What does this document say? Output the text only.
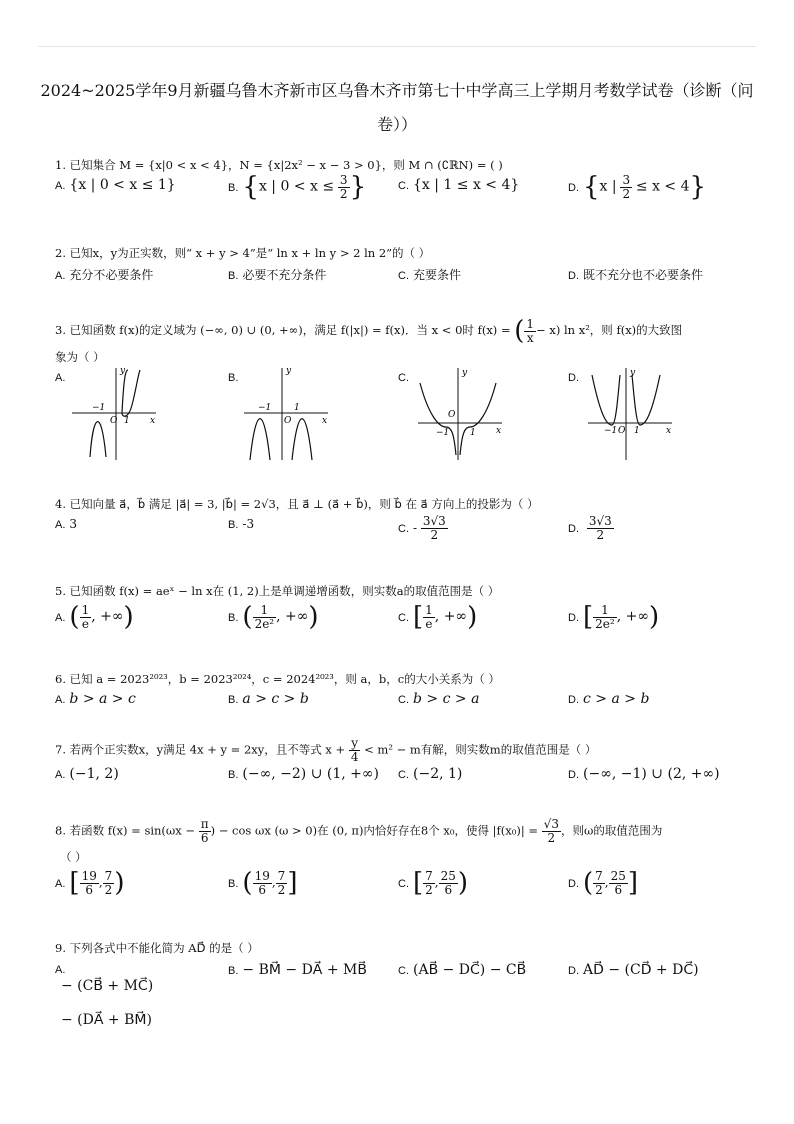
2024~2025学年9月新疆乌鲁木齐新市区乌鲁木齐市第七十中学高三上学期月考数学试卷（诊断（问
卷））
1. 已知集合 M = {x|0 < x < 4}，N = {x|2x² − x − 3 > 0}，则 M ∩ (∁ℝN) = ( )
A. {x | 0 < x ≤ 1}	B. {x | $0 < x \le \frac{3}{2}$ }	C. {x | 1 ≤ x < 4}	D. {x | $\frac{3}{2} \le x < 4$}
2. 已知x，y为正实数，则“ x + y > 4”是“ ln x + ln y > 2 ln 2”的（ ）
A. 充分不必要条件	B. 必要不充分条件	C. 充要条件	D. 既不充分也不必要条件
3. 已知函数 f(x)的定义域为 (−∞, 0) ∪ (0, +∞)，满足 f(|x|) = f(x)．当 x < 0时 f(x) = ( $\frac{1}{x} - x$) ln x²，则 f(x)的大致图
象为（ ）
A.
−1
O 1 x
y
B.
−1
O
1
x
y
C.
O
−1 1 x
y	D.
−1 O 1	x
y
4. 已知向量 a⃗，b⃗ 满足 |a⃗| = 3, |b⃗| = 2√3，且 a⃗ ⊥ (a⃗ + b⃗)，则 b⃗ 在 a⃗ 方向上的投影为（ ）
A. 3	B. -3	C. - $\frac{3√3}{2}$	D. $\frac{3√3}{2}$
5. 已知函数 f(x) = aeˣ − ln x在 (1, 2)上是单调递增函数，则实数a的取值范围是（ ）
A. ( $\frac{1}{e}$ , +∞)	B. ( $\frac{1}{\text{2e²}}$ , +∞)	C. [ $\frac{1}{e}$ , +∞)	D. [ $\frac{1}{\text{2e²}}$ , +∞)
6. 已知 a = 2023²⁰²³，b = 2023²⁰²⁴，c = 2024²⁰²³，则 a，b，c的大小关系为（ ）
A. b > a > c	B. a > c > b	C. b > c > a	D. c > a > b
7. 若两个正实数x，y满足 4x + y = 2xy，且不等式 $x + \frac{y}{4} < m^2 - m$有解，则实数m的取值范围是（ ）
A. (−1, 2)	B. (−∞, −2) ∪ (1, +∞) C. (−2, 1)	D. (−∞, −1) ∪ (2, +∞)
8. 若函数 $f(x) = \sin(\omega x - \frac{\pi}{6}$ ) − cos ωx (ω > 0)在 (0, π)内恰好存在8个 x₀，使得 $|f(x_0)| = \frac{√3}{2}$ ，则ω的取值范围为
（ ）
A. [ $\frac{19}{6}$ , $\frac{7}{2}$ )	B. ( $\frac{19}{6}$ , $\frac{7}{2}$ ]	C. [ $\frac{7}{2}$ , $\frac{25}{6}$ )	D. ( $\frac{7}{2}$ , $\frac{25}{6}$ ]
9. 下列各式中不能化简为 AD⃗ 的是（ ）
A.
− (CB⃗ + MC⃗)
− (DA⃗ + BM⃗)
B. − BM⃗ − DA⃗ + MB⃗	C. (AB⃗ − DC⃗) − CB⃗	D. AD⃗ − (CD⃗ + DC⃗)
